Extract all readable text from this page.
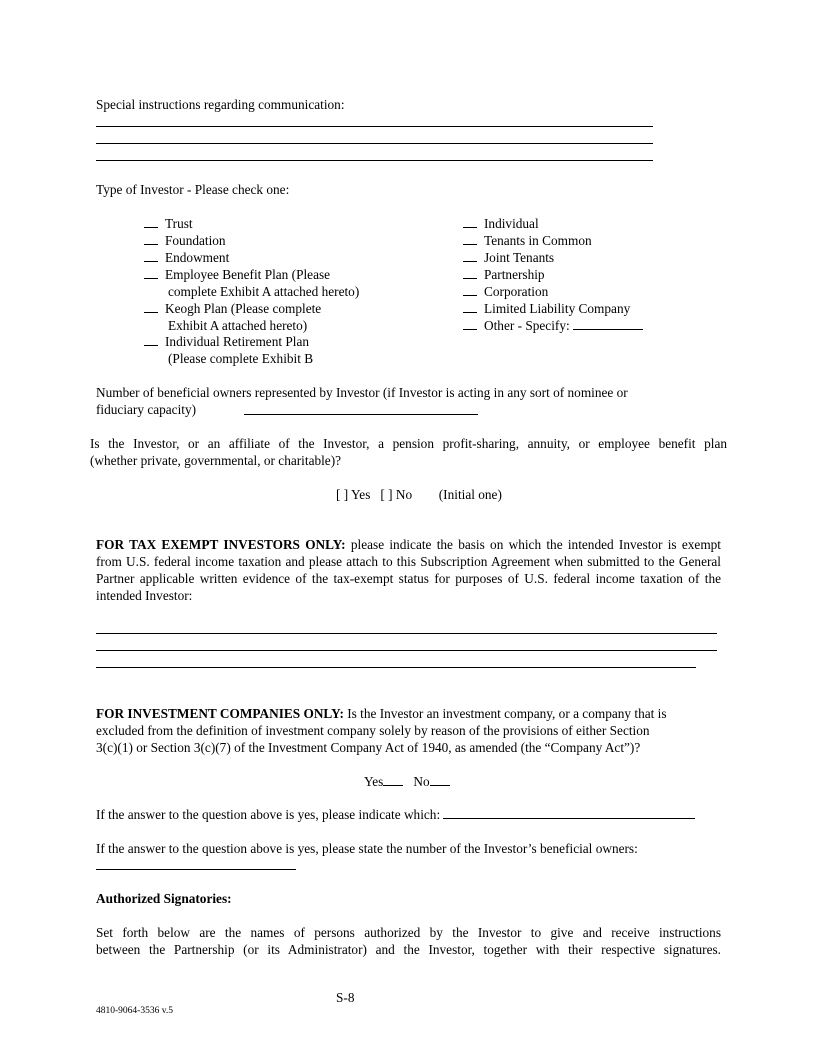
Special instructions regarding communication:
Type of Investor - Please check one:
Trust
Foundation
Endowment
Employee Benefit Plan (Please
complete Exhibit A attached hereto)
Keogh Plan (Please complete
Exhibit A attached hereto)
Individual Retirement Plan
(Please complete Exhibit B
Individual
Tenants in Common
Joint Tenants
Partnership
Corporation
Limited Liability Company
Other - Specify:
Number of beneficial owners represented by Investor (if Investor is acting in any sort of nominee or
fiduciary capacity)
Is the Investor, or an affiliate of the Investor, a pension profit-sharing, annuity, or employee benefit plan
(whether private, governmental, or charitable)?
[ ] Yes [ ] No (Initial one)
FOR TAX EXEMPT INVESTORS ONLY: please indicate the basis on which the intended Investor is exempt from U.S. federal income taxation and please attach to this Subscription Agreement when submitted to the General Partner applicable written evidence of the tax-exempt status for purposes of U.S. federal income taxation of the intended Investor:
FOR INVESTMENT COMPANIES ONLY: Is the Investor an investment company, or a company that is
excluded from the definition of investment company solely by reason of the provisions of either Section
3(c)(1) or Section 3(c)(7) of the Investment Company Act of 1940, as amended (the “Company Act”)?
Yes No
If the answer to the question above is yes, please indicate which:
If the answer to the question above is yes, please state the number of the Investor’s beneficial owners:
Authorized Signatories:
Set forth below are the names of persons authorized by the Investor to give and receive instructions
between the Partnership (or its Administrator) and the Investor, together with their respective signatures.
S-8
4810-9064-3536 v.5
